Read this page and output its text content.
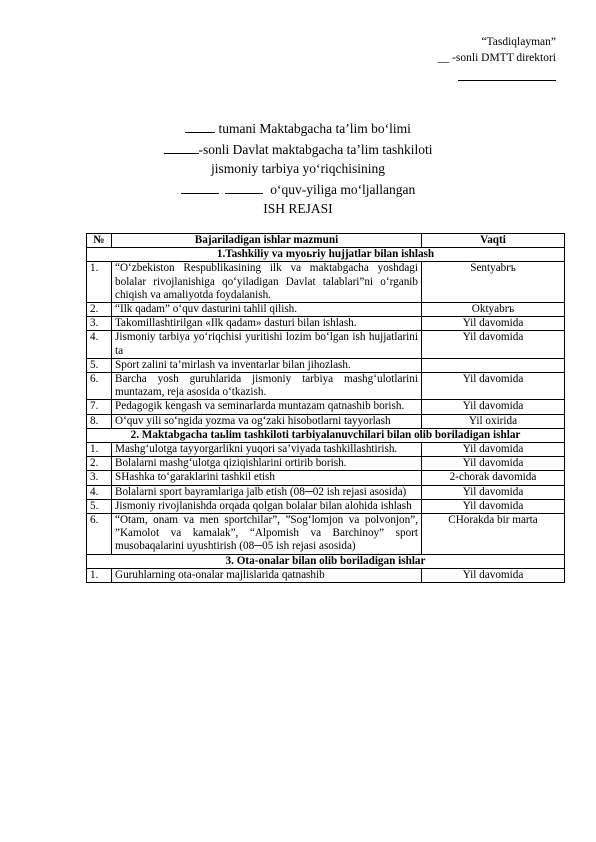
“Tasdiqlayman”
__ -sonli DMTT direktori
tumani Maktabgacha ta’lim bo‘limi
-sonli Davlat maktabgacha ta’lim tashkiloti
jismoniy tarbiya yo‘riqchisining
o‘quv-yiliga mo‘ljallangan
ISH REJASI
№	Bajariladigan ishlar mazmuni	Vaqti
1.Tashkiliy va myoьriy hujjatlar bilan ishlash		
1.	“O‘zbekiston Respublikasining ilk va maktabgacha yoshdagi bolalar rivojlanishiga qo‘yiladigan Davlat talablari”ni o‘rganib chiqish va amaliyotda foydalanish.	Sentyabrъ
2.	“Ilk qadam” o‘quv dasturini tahlil qilish.	Oktyabrъ
3.	Takomillashtirilgan «Ilk qadam» dasturi bilan ishlash.	Yil davomida
4.	Jismoniy tarbiya yo‘riqchisi yuritishi lozim bo‘lgan ish hujjatlarini ta	Yil davomida
5.	Sport zalini ta’mirlash va inventarlar bilan jihozlash.	
6.	Barcha yosh guruhlarida jismoniy tarbiya mashg‘ulotlarini muntazam, reja asosida o‘tkazish.	Yil davomida
7.	Pedagogik kengash va seminarlarda muntazam qatnashib borish.	Yil davomida
8.	O‘quv yili so‘ngida yozma va og‘zaki hisobotlarni tayyorlash	Yil oxirida
2. Maktabgacha taьlim tashkiloti tarbiyalanuvchilari bilan olib boriladigan ishlar		
1.	Mashg‘ulotga tayyorgarlikni yuqori sa’viyada tashkillashtirish.	Yil davomida
2.	Bolalarni mashg‘ulotga qiziqishlarini ortirib borish.	Yil davomida
3.	SHashka to‘garaklarini tashkil etish	2-chorak davomida
4.	Bolalarni sport bayramlariga jalb etish (08─02 ish rejasi asosida)	Yil davomida
5.	Jismoniy rivojlanishda orqada qolgan bolalar bilan alohida ishlash	Yil davomida
6.	“Otam, onam va men sportchilar”, ”Sog‘lomjon va polvonjon”, ”Kamolot va kamalak”, “Alpomish va Barchinoy” sport musobaqalarini uyushtirish (08─05 ish rejasi asosida)	CHorakda bir marta
3. Ota-onalar bilan olib boriladigan ishlar		
1.	Guruhlarning ota-onalar majlislarida qatnashib	Yil davomida
